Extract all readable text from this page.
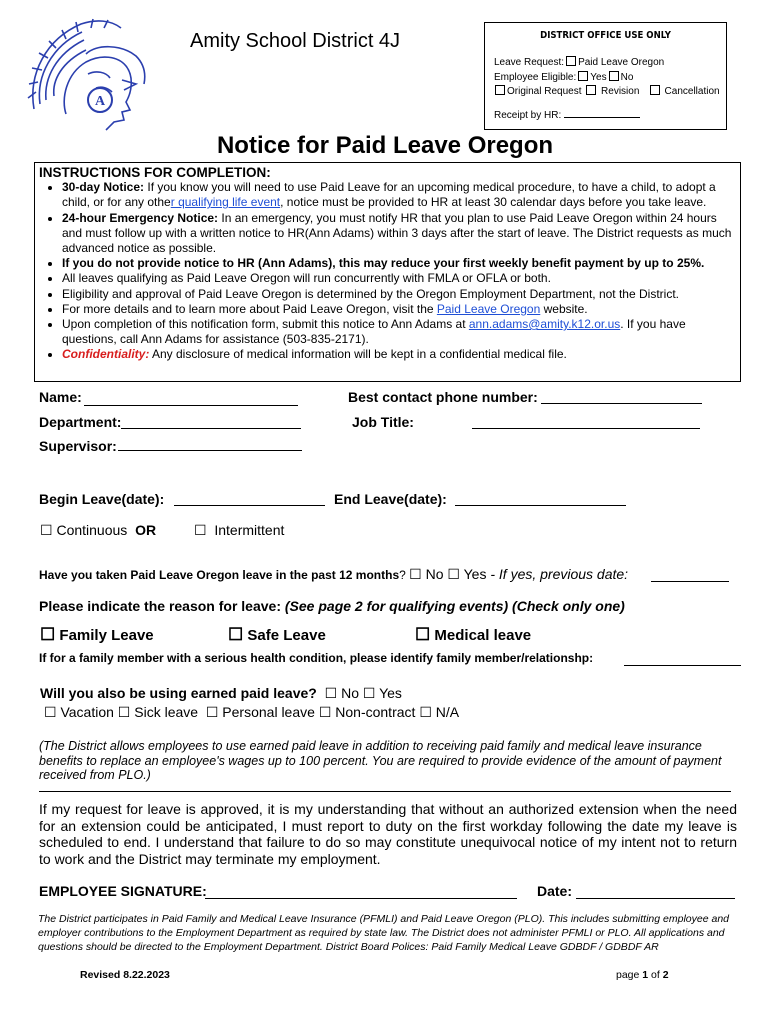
A
Amity School District 4J	DISTRICT OFFICE USE ONLY
Leave Request: Paid Leave Oregon
Employee Eligible: Yes No
Original Request Revision	Cancellation
Receipt by HR:
Notice for Paid Leave Oregon
INSTRUCTIONS FOR COMPLETION:
• 30-day Notice: If you know you will need to use Paid Leave for an upcoming medical procedure, to have a child, to adopt a child, or for any other qualifying life event, notice must be provided to HR at least 30 calendar days before you take leave.
• 24-hour Emergency Notice: In an emergency, you must notify HR that you plan to use Paid Leave Oregon within 24 hours and must follow up with a written notice to HR(Ann Adams) within 3 days after the start of leave. The District requests as much advanced notice as possible.
• If you do not provide notice to HR (Ann Adams), this may reduce your first weekly benefit payment by up to 25%.
• All leaves qualifying as Paid Leave Oregon will run concurrently with FMLA or OFLA or both.
• Eligibility and approval of Paid Leave Oregon is determined by the Oregon Employment Department, not the District.
• For more details and to learn more about Paid Leave Oregon, visit the Paid Leave Oregon website.
• Upon completion of this notification form, submit this notice to Ann Adams at ann.adams@amity.k12.or.us. If you have questions, call Ann Adams for assistance (503-835-2171).
• Confidentiality: Any disclosure of medical information will be kept in a confidential medical file.
Name:	Best contact phone number:
Department:	Job Title:
Supervisor:
Begin Leave(date):	End Leave(date):
☐ Continuous OR	☐ Intermittent
Have you taken Paid Leave Oregon leave in the past 12 months? ☐ No ☐ Yes - If yes, previous date:
Please indicate the reason for leave: (See page 2 for qualifying events) (Check only one)
☐ Family Leave	☐ Safe Leave	☐ Medical leave
If for a family member with a serious health condition, please identify family member/relationshp:
Will you also be using earned paid leave? ☐ No ☐ Yes
☐ Vacation ☐ Sick leave ☐ Personal leave ☐ Non-contract ☐ N/A
(The District allows employees to use earned paid leave in addition to receiving paid family and medical leave insurance benefits to replace an employee's wages up to 100 percent. You are required to provide evidence of the amount of payment received from PLO.)
If my request for leave is approved, it is my understanding that without an authorized extension when the need for an extension could be anticipated, I must report to duty on the first workday following the date my leave is scheduled to end. I understand that failure to do so may constitute unequivocal notice of my intent not to return to work and the District may terminate my employment.
EMPLOYEE SIGNATURE:	Date:
The District participates in Paid Family and Medical Leave Insurance (PFMLI) and Paid Leave Oregon (PLO). This includes submitting employee and employer contributions to the Employment Department as required by state law. The District does not administer PFMLI or PLO. All applications and questions should be directed to the Employment Department. District Board Polices: Paid Family Medical Leave GDBDF / GDBDF AR
Revised 8.22.2023	page 1 of 2
